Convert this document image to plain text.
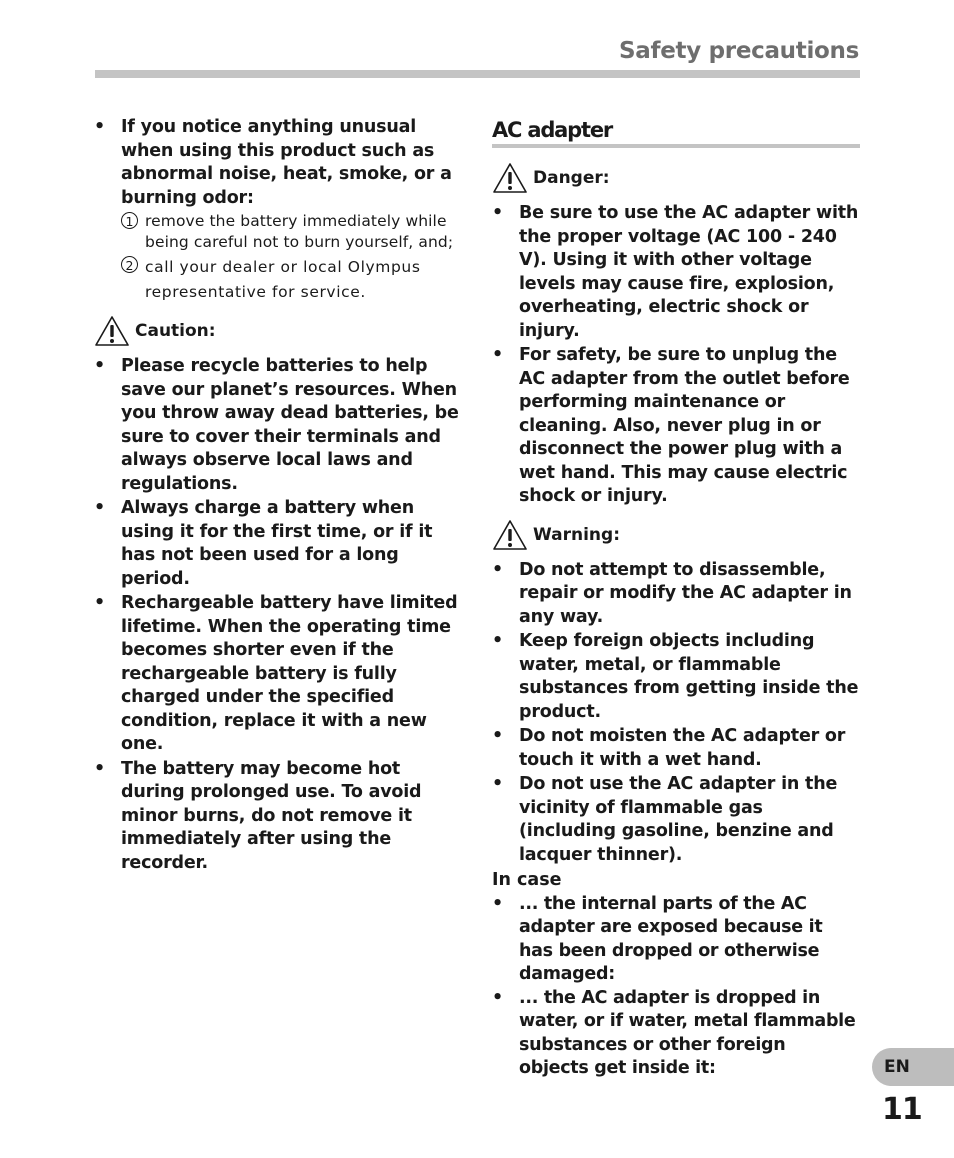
Safety precautions
• If you notice anything unusual when using this product such as abnormal noise, heat, smoke, or a burning odor:
1 remove the battery immediately while being careful not to burn yourself, and;
2 call your dealer or local Olympus representative for service.
Caution:
• Please recycle batteries to help save our planet’s resources. When you throw away dead batteries, be sure to cover their terminals and always observe local laws and regulations.
• Always charge a battery when using it for the first time, or if it has not been used for a long period.
• Rechargeable battery have limited lifetime. When the operating time becomes shorter even if the rechargeable battery is fully charged under the specified condition, replace it with a new one.
• The battery may become hot during prolonged use. To avoid minor burns, do not remove it immediately after using the recorder.
AC adapter
Danger:
• Be sure to use the AC adapter with the proper voltage (AC 100 - 240 V). Using it with other voltage levels may cause fire, explosion, overheating, electric shock or injury.
• For safety, be sure to unplug the AC adapter from the outlet before performing maintenance or cleaning. Also, never plug in or disconnect the power plug with a wet hand. This may cause electric shock or injury.
Warning:
• Do not attempt to disassemble, repair or modify the AC adapter in any way.
• Keep foreign objects including water, metal, or flammable substances from getting inside the product.
• Do not moisten the AC adapter or touch it with a wet hand.
• Do not use the AC adapter in the vicinity of flammable gas (including gasoline, benzine and lacquer thinner).
In case
• ... the internal parts of the AC adapter are exposed because it has been dropped or otherwise damaged:
• ... the AC adapter is dropped in water, or if water, metal flammable substances or other foreign objects get inside it:	EN
11
